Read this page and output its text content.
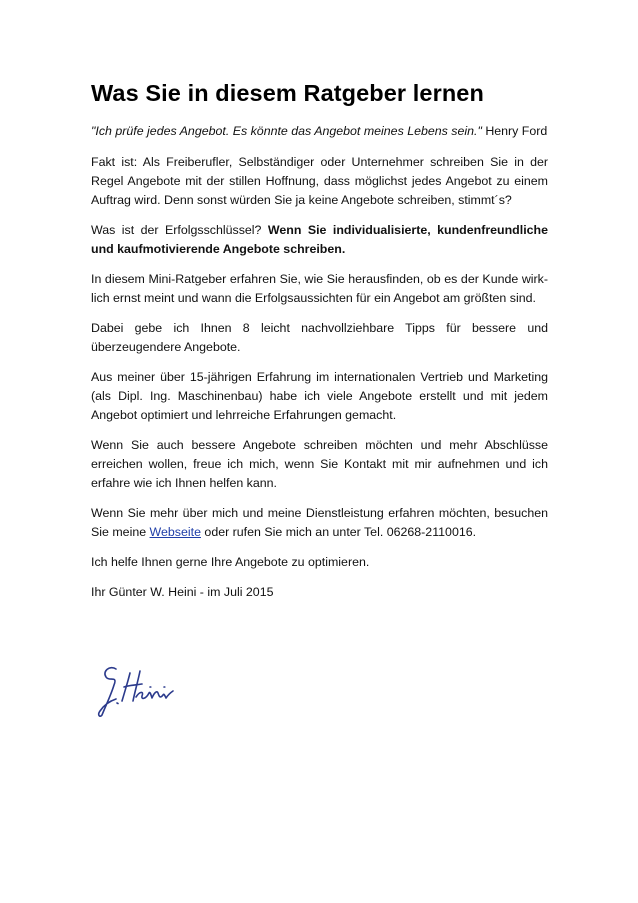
Was Sie in diesem Ratgeber lernen

"Ich prüfe jedes Angebot. Es könnte das Angebot meines Lebens sein." Henry Ford

Fakt ist: Als Freiberufler, Selbständiger oder Unternehmer schreiben Sie in der Regel Angebote mit der stillen Hoffnung, dass möglichst jedes Angebot zu einem Auftrag wird. Denn sonst würden Sie ja keine Angebote schreiben, stimmt´s?

Was ist der Erfolgsschlüssel? Wenn Sie individualisierte, kundenfreundliche und kaufmotivierende Angebote schreiben.

In diesem Mini-Ratgeber erfahren Sie, wie Sie herausfinden, ob es der Kunde wirk-lich ernst meint und wann die Erfolgsaussichten für ein Angebot am größten sind.

Dabei gebe ich Ihnen 8 leicht nachvollziehbare Tipps für bessere und überzeugendere Angebote.

Aus meiner über 15-jährigen Erfahrung im internationalen Vertrieb und Marketing (als Dipl. Ing. Maschinenbau) habe ich viele Angebote erstellt und mit jedem Angebot optimiert und lehrreiche Erfahrungen gemacht.

Wenn Sie auch bessere Angebote schreiben möchten und mehr Abschlüsse erreichen wollen, freue ich mich, wenn Sie Kontakt mit mir aufnehmen und ich erfahre wie ich Ihnen helfen kann.

Wenn Sie mehr über mich und meine Dienstleistung erfahren möchten, besuchen Sie meine Webseite oder rufen Sie mich an unter Tel. 06268-2110016.

Ich helfe Ihnen gerne Ihre Angebote zu optimieren.

Ihr Günter W. Heini - im Juli 2015
